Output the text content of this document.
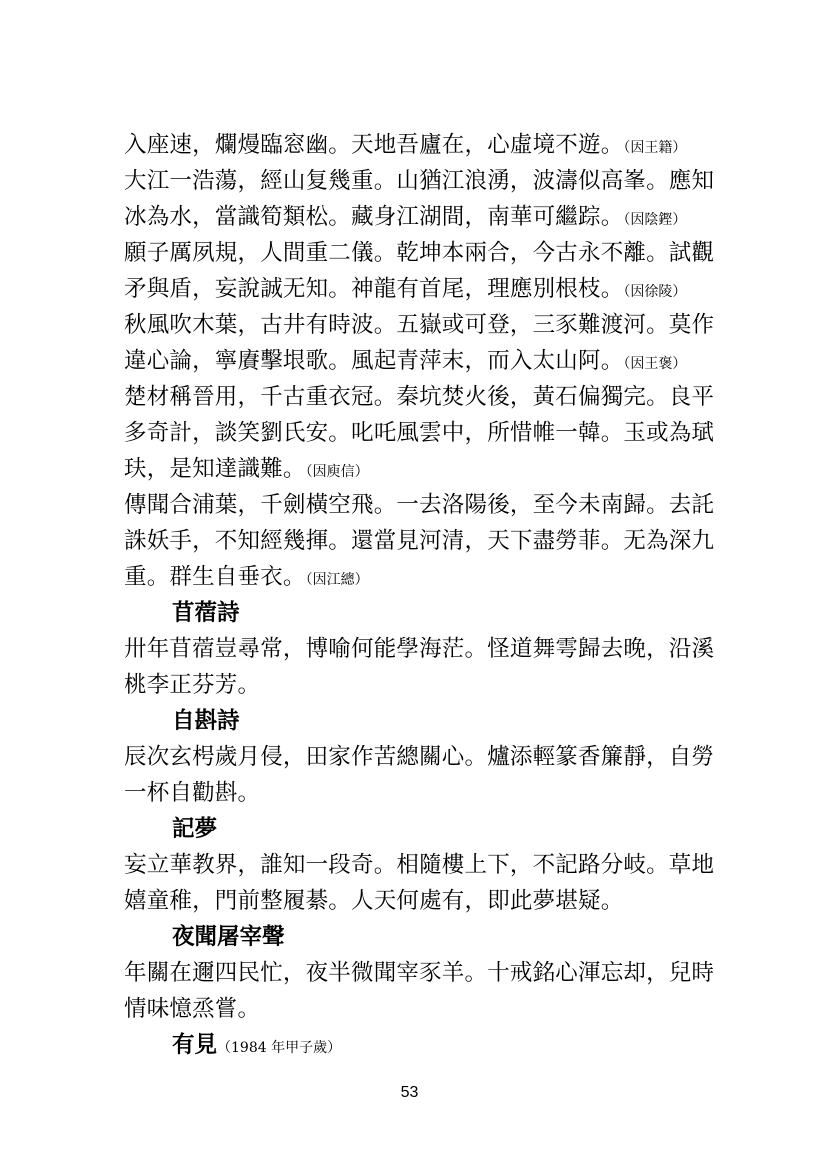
入座速，爛熳臨窓幽。天地吾廬在，心虛境不遊。（因王籍）
大江一浩蕩，經山复幾重。山猶江浪湧，波濤似高峯。應知
冰為水，當識筍類松。藏身江湖間，南華可繼踪。（因陰鏗）
願子厲夙規，人間重二儀。乾坤本兩合，今古永不離。試觀
矛與盾，妄說誠无知。神龍有首尾，理應別根枝。（因徐陵）
秋風吹木葉，古井有時波。五嶽或可登，三豕難渡河。莫作
違心論，寧賡擊垠歌。風起青萍末，而入太山阿。（因王褒）
楚材稱晉用，千古重衣冠。秦坑焚火後，黃石偏獨完。良平
多奇計，談笑劉氏安。叱吒風雲中，所惜帷一韓。玉或為珷
玞，是知達識難。（因庾信）
傳聞合浦葉，千劍橫空飛。一去洛陽後，至今未南歸。去託
誅妖手，不知經幾揮。還當見河清，天下盡勞菲。无為深九
重。群生自垂衣。（因江總）
苜蓿詩
卅年苜蓿豈尋常，博喻何能學海茫。怪道舞雩歸去晚，沿溪
桃李正芬芳。
自斟詩
辰次玄枵歲月侵，田家作苦總關心。爐添輕篆香簾靜，自勞
一杯自勸斟。
記夢
妄立華教界，誰知一段奇。相隨樓上下，不記路分岐。草地
嬉童稚，門前整履綦。人天何處有，即此夢堪疑。
夜聞屠宰聲
年關在邇四民忙，夜半微聞宰豕羊。十戒銘心渾忘却，兒時
情味憶烝嘗。
有見（1984 年甲子歲）
53
